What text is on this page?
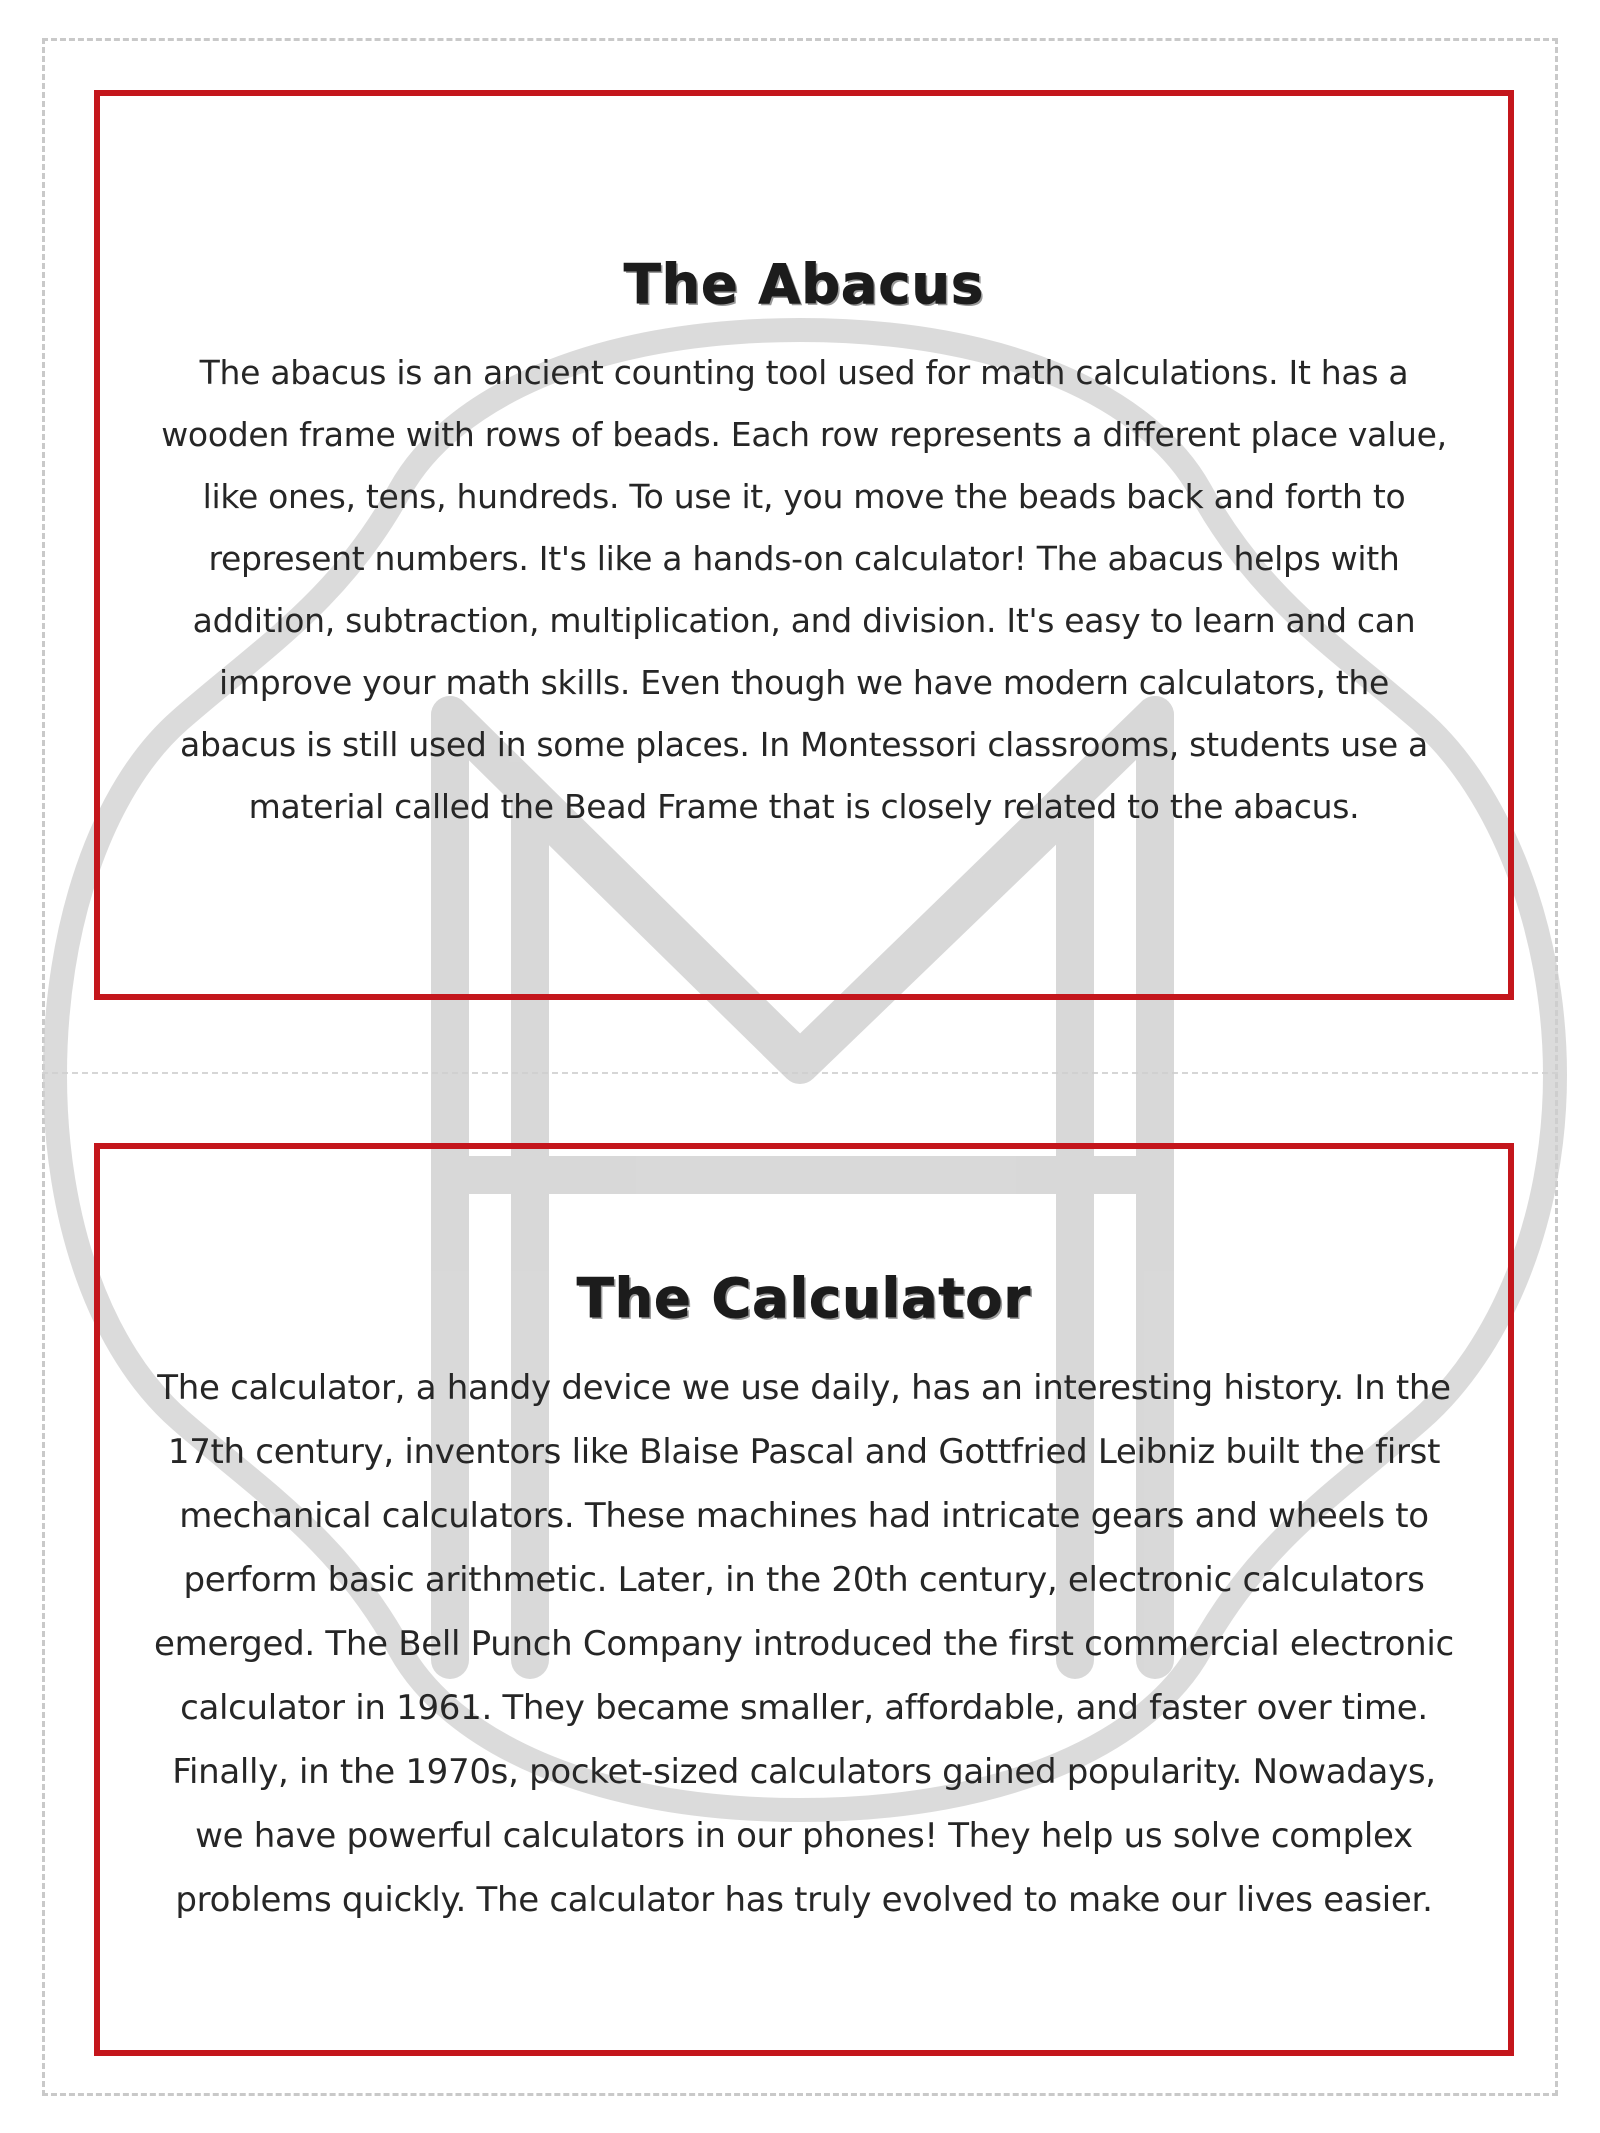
The Abacus

The abacus is an ancient counting tool used for math calculations. It has a wooden frame with rows of beads. Each row represents a different place value, like ones, tens, hundreds. To use it, you move the beads back and forth to represent numbers. It's like a hands-on calculator! The abacus helps with addition, subtraction, multiplication, and division. It's easy to learn and can improve your math skills. Even though we have modern calculators, the abacus is still used in some places. In Montessori classrooms, students use a material called the Bead Frame that is closely related to the abacus.

The Calculator

The calculator, a handy device we use daily, has an interesting history. In the 17th century, inventors like Blaise Pascal and Gottfried Leibniz built the first mechanical calculators. These machines had intricate gears and wheels to perform basic arithmetic. Later, in the 20th century, electronic calculators emerged. The Bell Punch Company introduced the first commercial electronic calculator in 1961. They became smaller, affordable, and faster over time. Finally, in the 1970s, pocket-sized calculators gained popularity. Nowadays, we have powerful calculators in our phones! They help us solve complex problems quickly. The calculator has truly evolved to make our lives easier.
